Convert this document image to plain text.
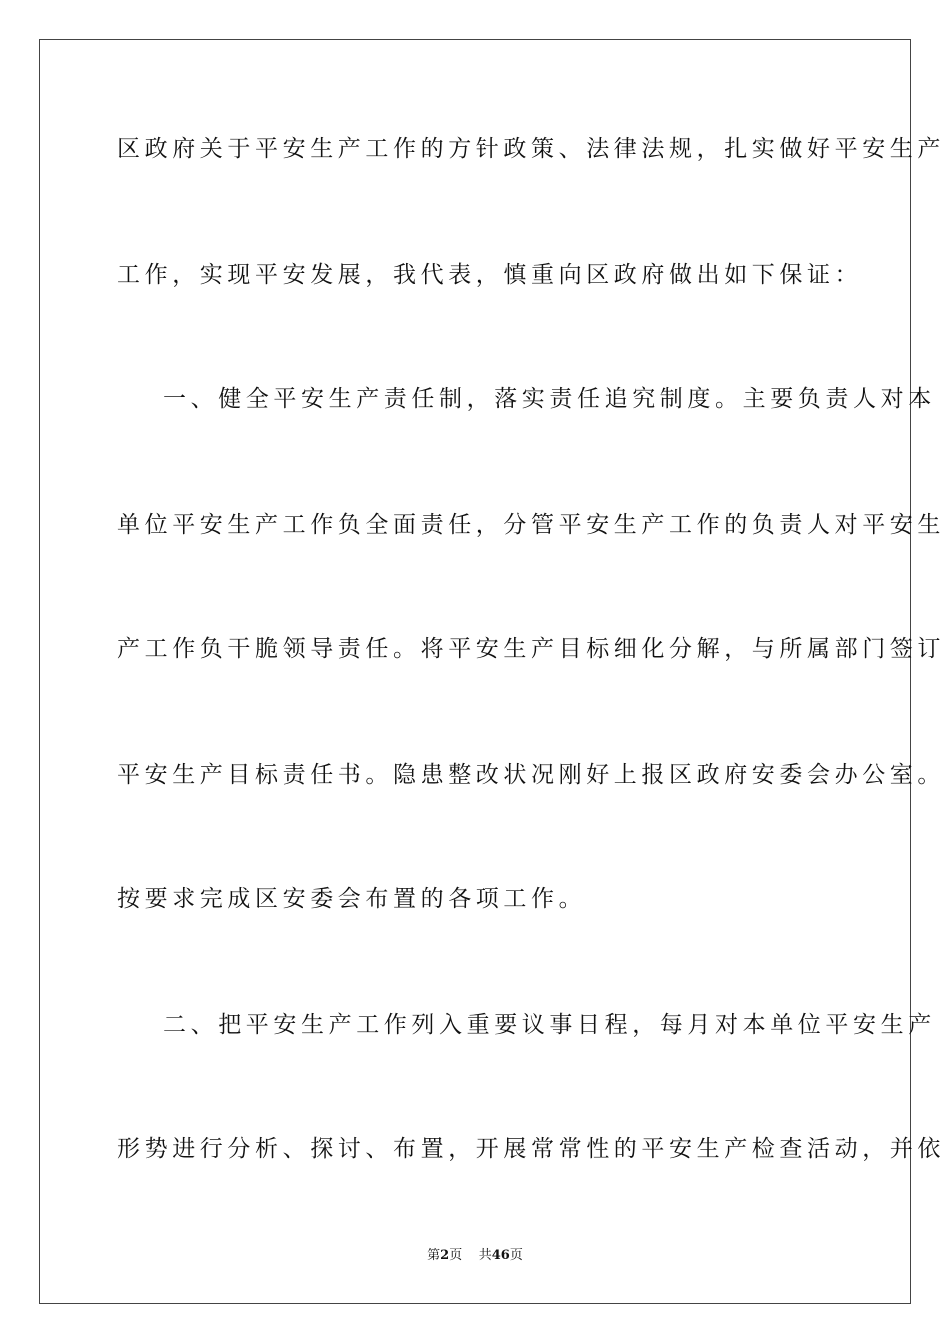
区政府关于平安生产工作的方针政策、法律法规，扎实做好平安生产
工作，实现平安发展，我代表，慎重向区政府做出如下保证：
一、健全平安生产责任制，落实责任追究制度。主要负责人对本
单位平安生产工作负全面责任，分管平安生产工作的负责人对平安生
产工作负干脆领导责任。将平安生产目标细化分解，与所属部门签订
平安生产目标责任书。隐患整改状况刚好上报区政府安委会办公室。
按要求完成区安委会布置的各项工作。
二、把平安生产工作列入重要议事日程，每月对本单位平安生产
形势进行分析、探讨、布置，开展常常性的平安生产检查活动，并依
第2页 共46页
